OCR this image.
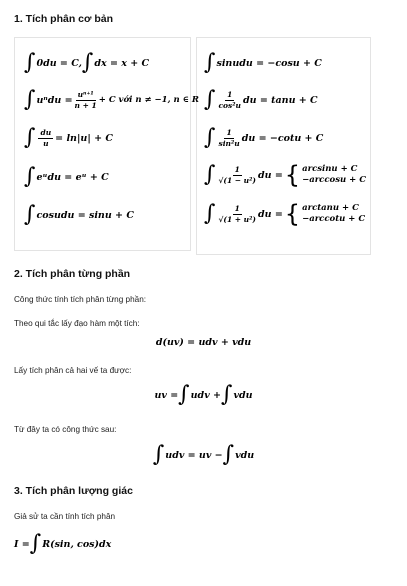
1. Tích phân cơ bản
∫ 0du = C, ∫ dx = x + C
∫ $u^ndu = \frac{\text{uⁿ⁺¹}}{n + 1} + C$ với n ≠ −1, n ∈ R
∫ $\frac{du}{u} = \ln|u| + C$
∫ eᵘdu = eᵘ + C
∫ cosudu = sinu + C
∫ sinudu = −cosu + C
∫ $\frac{1}{\text{cos²u}}$ du = tanu + C
∫ $\frac{1}{\text{sin²u}}$ du = −cotu + C
∫ $\frac{1}{\text{√(1 − u²)}}$ du = { arcsinu + C
−arccosu + C
∫ $\frac{1}{\text{√(1 + u²)}}$ du = { arctanu + C
−arccotu + C
2. Tích phân từng phần
Công thức tính tích phân từng phần:
Theo qui tắc lấy đạo hàm một tích:
d(uv) = udv + vdu
Lấy tích phân cả hai vế ta được:
uv = ∫ udv + ∫ vdu
Từ đây ta có công thức sau:
∫ udv = uv − ∫ vdu
3. Tích phân lượng giác
Giả sử ta cần tính tích phân
I = ∫ R(sin, cos)dx
